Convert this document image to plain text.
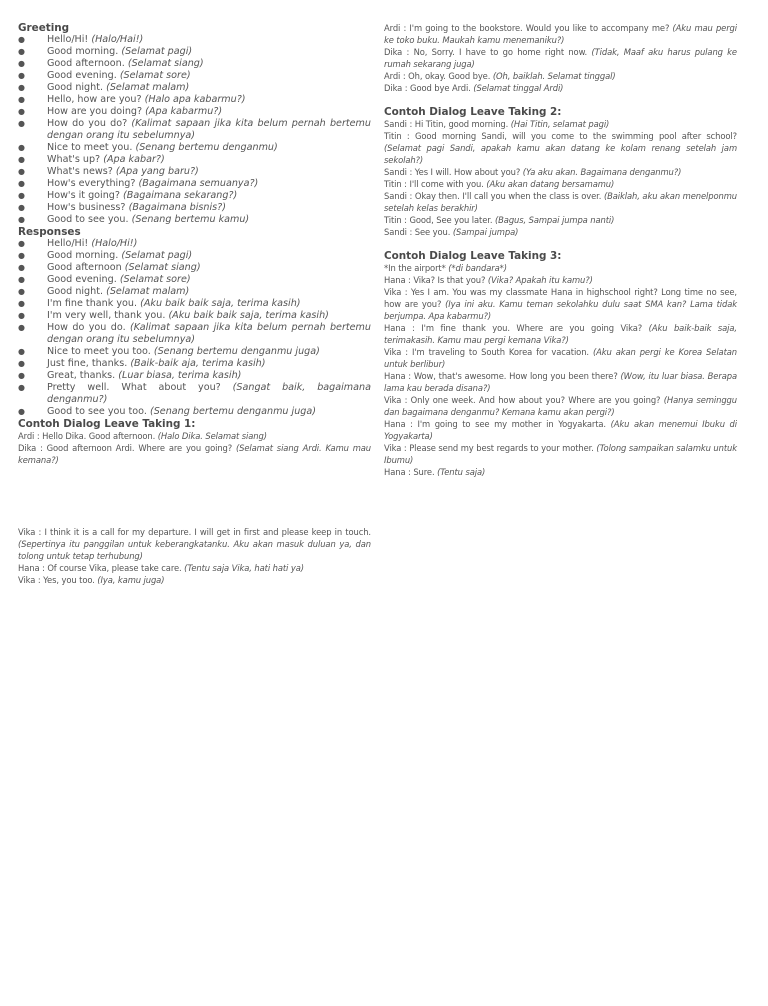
Greeting
● Hello/Hi! (Halo/Hai!)
● Good morning. (Selamat pagi)
● Good afternoon. (Selamat siang)
● Good evening. (Selamat sore)
● Good night. (Selamat malam)
● Hello, how are you? (Halo apa kabarmu?)
● How are you doing? (Apa kabarmu?)
● How do you do? (Kalimat sapaan jika kita belum pernah bertemu dengan orang itu sebelumnya)
● Nice to meet you. (Senang bertemu denganmu)
● What's up? (Apa kabar?)
● What's news? (Apa yang baru?)
● How's everything? (Bagaimana semuanya?)
● How's it going? (Bagaimana sekarang?)
● How's business? (Bagaimana bisnis?)
● Good to see you. (Senang bertemu kamu)
Responses
● Hello/Hi! (Halo/Hi!)
● Good morning. (Selamat pagi)
● Good afternoon (Selamat siang)
● Good evening. (Selamat sore)
● Good night. (Selamat malam)
● I'm fine thank you. (Aku baik baik saja, terima kasih)
● I'm very well, thank you. (Aku baik baik saja, terima kasih)
● How do you do. (Kalimat sapaan jika kita belum pernah bertemu dengan orang itu sebelumnya)
● Nice to meet you too. (Senang bertemu denganmu juga)
● Just fine, thanks. (Baik-baik aja, terima kasih)
● Great, thanks. (Luar biasa, terima kasih)
● Pretty well. What about you? (Sangat baik, bagaimana denganmu?)
● Good to see you too. (Senang bertemu denganmu juga)
Contoh Dialog Leave Taking 1:
Ardi : Hello Dika. Good afternoon. (Halo Dika. Selamat siang)
Dika : Good afternoon Ardi. Where are you going? (Selamat siang Ardi. Kamu mau kemana?)
Vika : I think it is a call for my departure. I will get in first and please keep in touch. (Sepertinya itu panggilan untuk keberangkatanku. Aku akan masuk duluan ya, dan tolong untuk tetap terhubung)
Hana : Of course Vika, please take care. (Tentu saja Vika, hati hati ya)
Vika : Yes, you too. (Iya, kamu juga)
Ardi : I'm going to the bookstore. Would you like to accompany me? (Aku mau pergi ke toko buku. Maukah kamu menemaniku?)
Dika : No, Sorry. I have to go home right now. (Tidak, Maaf aku harus pulang ke rumah sekarang juga)
Ardi : Oh, okay. Good bye. (Oh, baiklah. Selamat tinggal)
Dika : Good bye Ardi. (Selamat tinggal Ardi)
Contoh Dialog Leave Taking 2:
Sandi : Hi Titin, good morning. (Hai Titin, selamat pagi)
Titin : Good morning Sandi, will you come to the swimming pool after school? (Selamat pagi Sandi, apakah kamu akan datang ke kolam renang setelah jam sekolah?)
Sandi : Yes I will. How about you? (Ya aku akan. Bagaimana denganmu?)
Titin : I'll come with you. (Aku akan datang bersamamu)
Sandi : Okay then. I'll call you when the class is over. (Baiklah, aku akan menelponmu setelah kelas berakhir)
Titin : Good, See you later. (Bagus, Sampai jumpa nanti)
Sandi : See you. (Sampai jumpa)
Contoh Dialog Leave Taking 3:
*In the airport* (*di bandara*)
Hana : Vika? Is that you? (Vika? Apakah itu kamu?)
Vika : Yes I am. You was my classmate Hana in highschool right? Long time no see, how are you? (Iya ini aku. Kamu teman sekolahku dulu saat SMA kan? Lama tidak berjumpa. Apa kabarmu?)
Hana : I'm fine thank you. Where are you going Vika? (Aku baik-baik saja, terimakasih. Kamu mau pergi kemana Vika?)
Vika : I'm traveling to South Korea for vacation. (Aku akan pergi ke Korea Selatan untuk berlibur)
Hana : Wow, that's awesome. How long you been there? (Wow, itu luar biasa. Berapa lama kau berada disana?)
Vika : Only one week. And how about you? Where are you going? (Hanya seminggu dan bagaimana denganmu? Kemana kamu akan pergi?)
Hana : I'm going to see my mother in Yogyakarta. (Aku akan menemui Ibuku di Yogyakarta)
Vika : Please send my best regards to your mother. (Tolong sampaikan salamku untuk Ibumu)
Hana : Sure. (Tentu saja)
